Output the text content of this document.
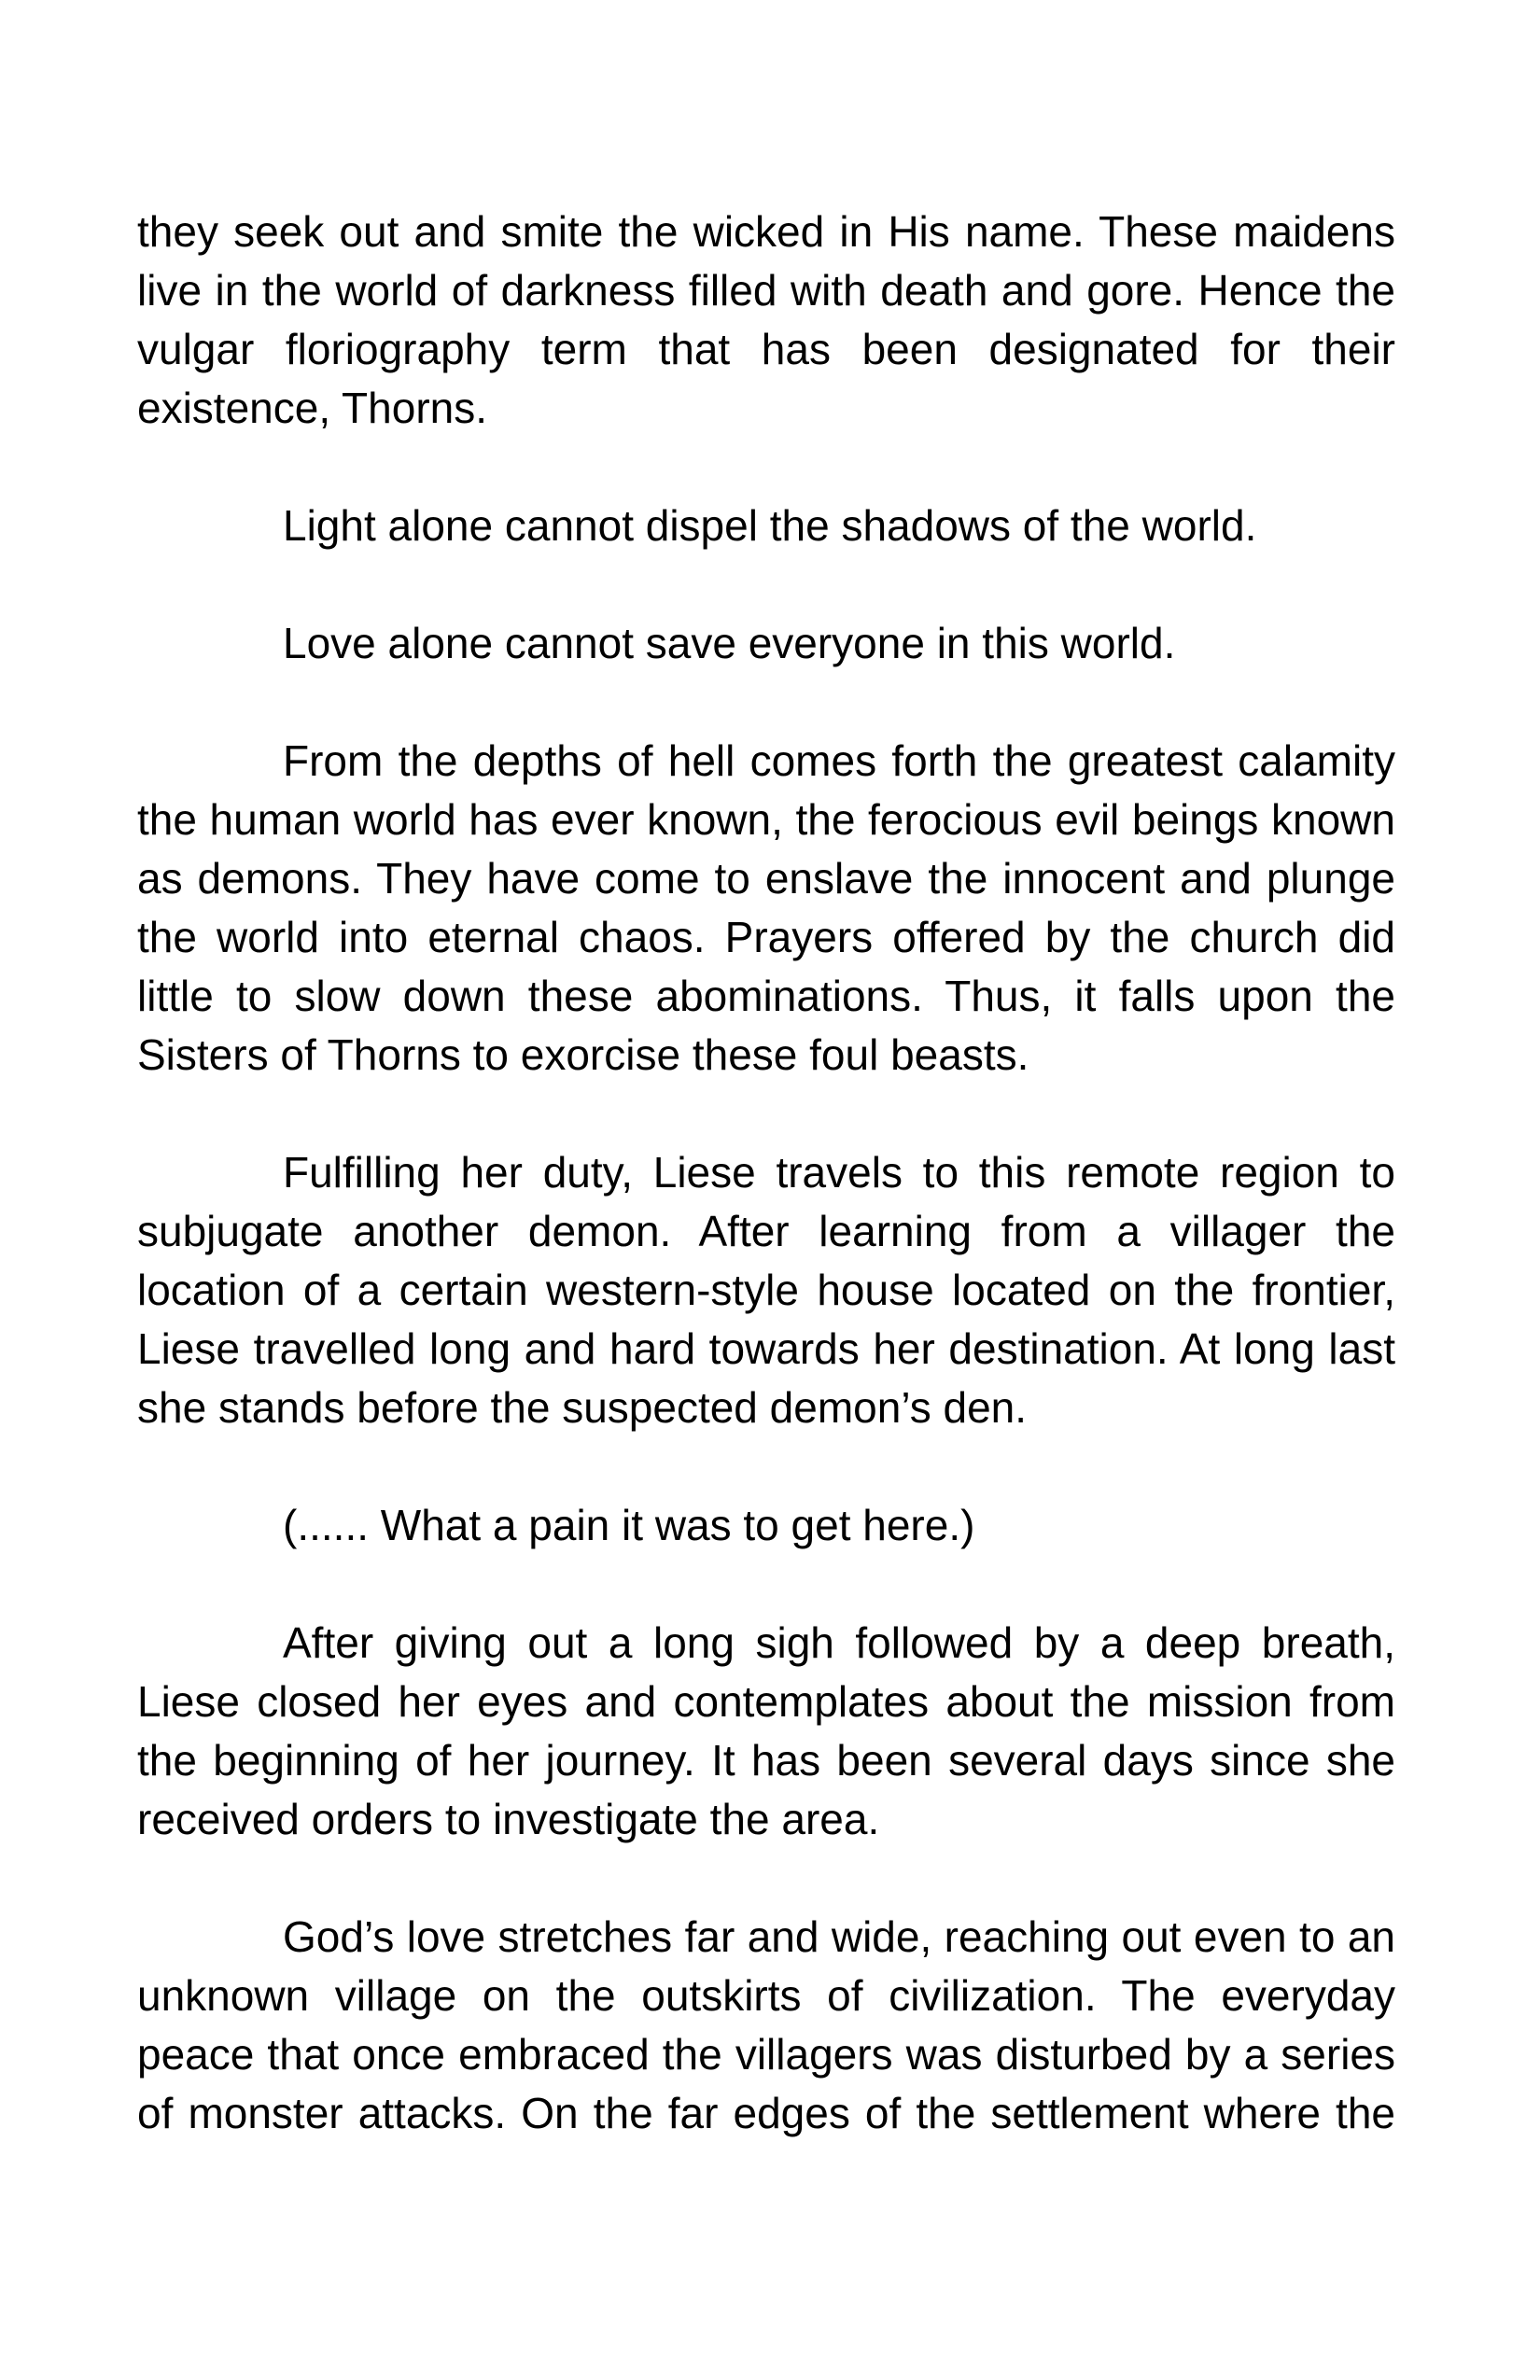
they seek out and smite the wicked in His name. These maidens live in the world of darkness filled with death and gore. Hence the vulgar floriography term that has been designated for their existence, Thorns.

Light alone cannot dispel the shadows of the world.

Love alone cannot save everyone in this world.

From the depths of hell comes forth the greatest calamity the human world has ever known, the ferocious evil beings known as demons. They have come to enslave the innocent and plunge the world into eternal chaos. Prayers offered by the church did little to slow down these abominations. Thus, it falls upon the Sisters of Thorns to exorcise these foul beasts.

Fulfilling her duty, Liese travels to this remote region to subjugate another demon. After learning from a villager the location of a certain western-style house located on the frontier, Liese travelled long and hard towards her destination. At long last she stands before the suspected demon’s den.

(...... What a pain it was to get here.)

After giving out a long sigh followed by a deep breath, Liese closed her eyes and contemplates about the mission from the beginning of her journey. It has been several days since she received orders to investigate the area.

God’s love stretches far and wide, reaching out even to an unknown village on the outskirts of civilization. The everyday peace that once embraced the villagers was disturbed by a series of monster attacks. On the far edges of the settlement where the
